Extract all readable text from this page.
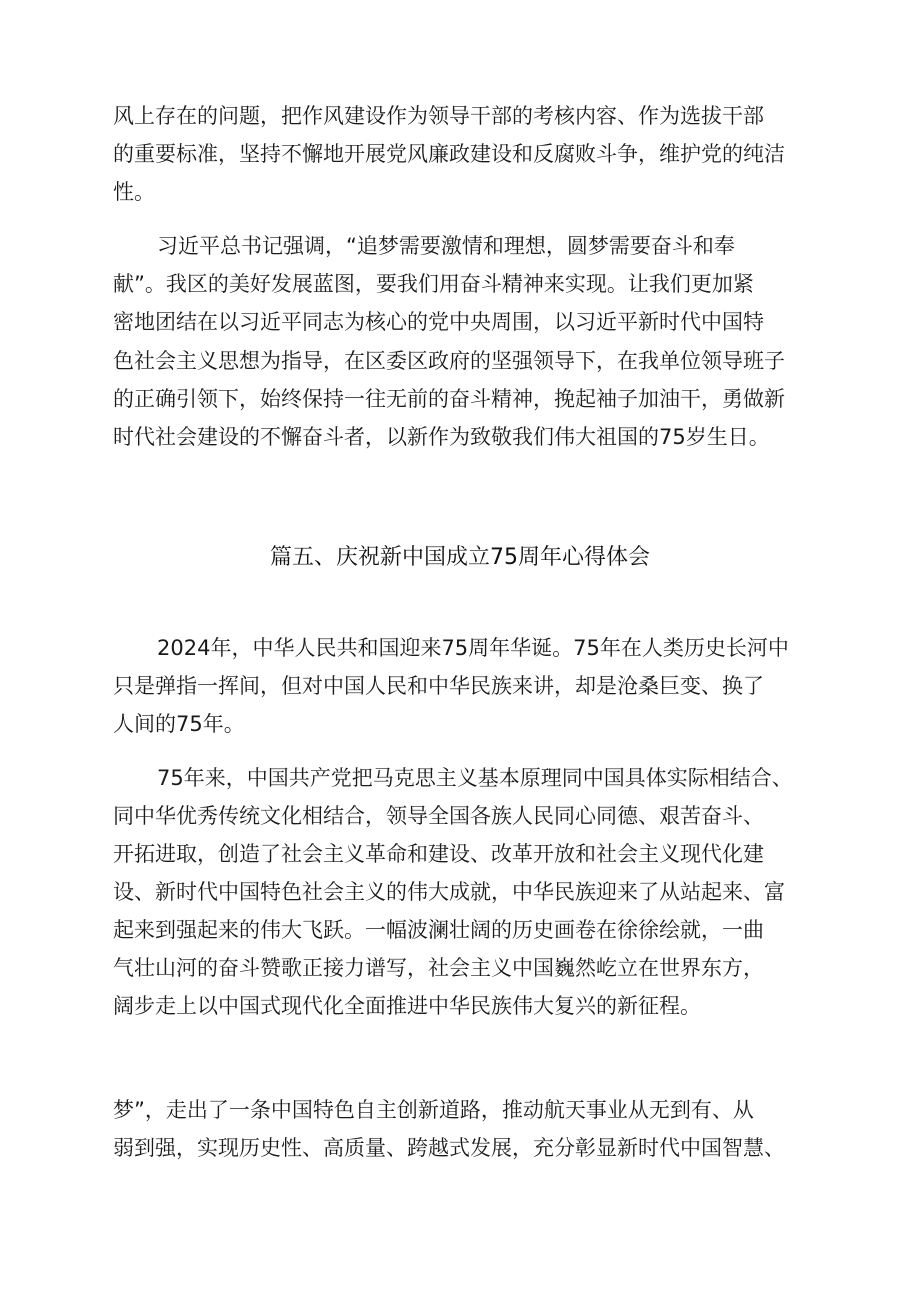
风上存在的问题，把作风建设作为领导干部的考核内容、作为选拔干部

的重要标准，坚持不懈地开展党风廉政建设和反腐败斗争，维护党的纯洁

性。

习近平总书记强调，“追梦需要激情和理想，圆梦需要奋斗和奉

献”。我区的美好发展蓝图，要我们用奋斗精神来实现。让我们更加紧

密地团结在以习近平同志为核心的党中央周围，以习近平新时代中国特

色社会主义思想为指导，在区委区政府的坚强领导下，在我单位领导班子

的正确引领下，始终保持一往无前的奋斗精神，挽起袖子加油干，勇做新

时代社会建设的不懈奋斗者，以新作为致敬我们伟大祖国的75岁生日。

篇五、庆祝新中国成立75周年心得体会

2024年，中华人民共和国迎来75周年华诞。75年在人类历史长河中

只是弹指一挥间，但对中国人民和中华民族来讲，却是沧桑巨变、换了

人间的75年。

75年来，中国共产党把马克思主义基本原理同中国具体实际相结合、

同中华优秀传统文化相结合，领导全国各族人民同心同德、艰苦奋斗、

开拓进取，创造了社会主义革命和建设、改革开放和社会主义现代化建

设、新时代中国特色社会主义的伟大成就，中华民族迎来了从站起来、富

起来到强起来的伟大飞跃。一幅波澜壮阔的历史画卷在徐徐绘就，一曲

气壮山河的奋斗赞歌正接力谱写，社会主义中国巍然屹立在世界东方，

阔步走上以中国式现代化全面推进中华民族伟大复兴的新征程。

梦”，走出了一条中国特色自主创新道路，推动航天事业从无到有、从

弱到强，实现历史性、高质量、跨越式发展，充分彰显新时代中国智慧、
